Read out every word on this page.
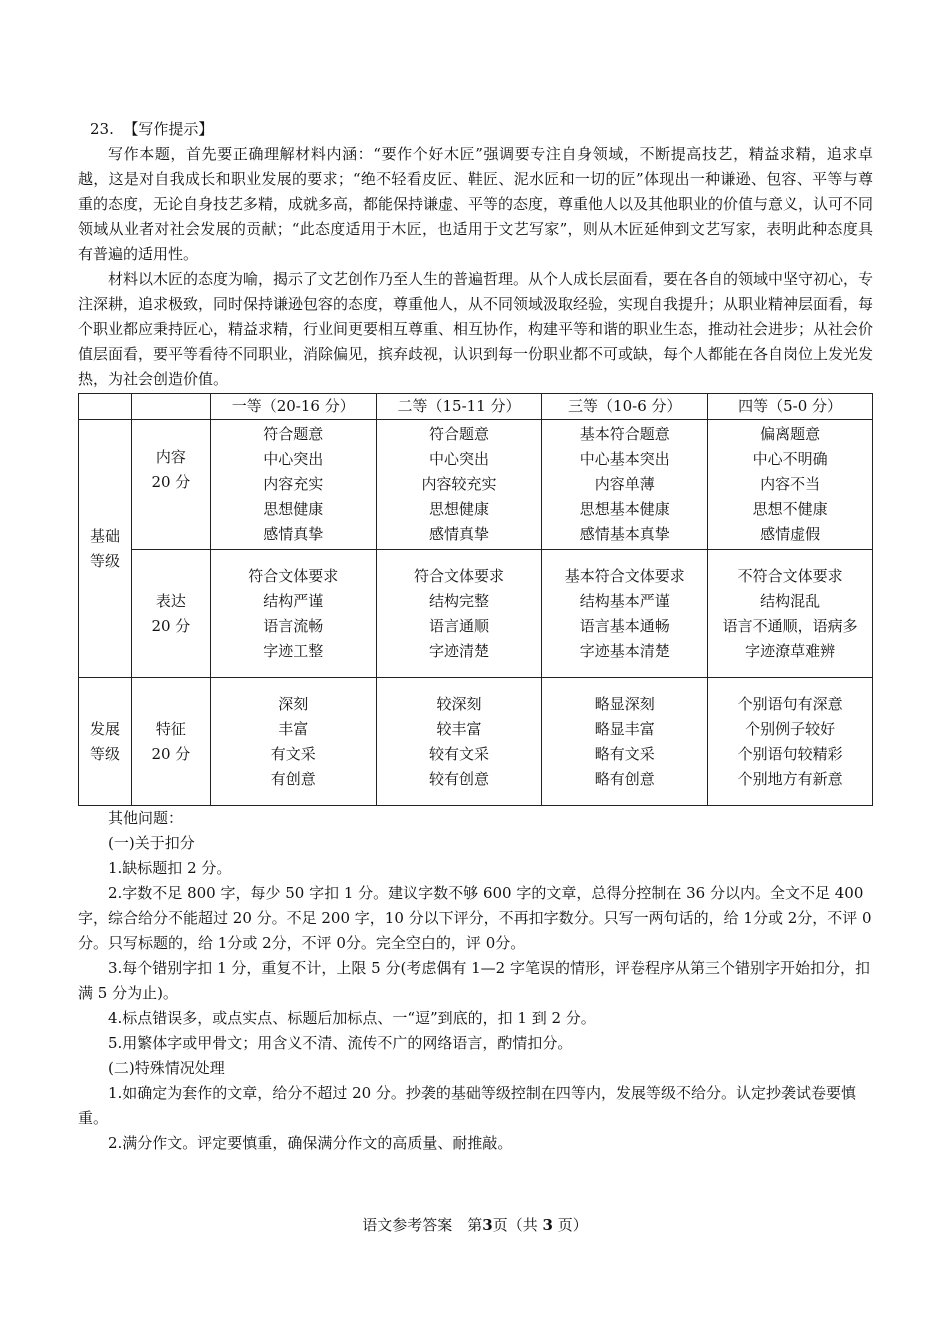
23. 【写作提示】

写作本题，首先要正确理解材料内涵：“要作个好木匠”强调要专注自身领域，不断提高技艺，精益求精，追求卓越，这是对自我成长和职业发展的要求；“绝不轻看皮匠、鞋匠、泥水匠和一切的匠”体现出一种谦逊、包容、平等与尊重的态度，无论自身技艺多精，成就多高，都能保持谦虚、平等的态度，尊重他人以及其他职业的价值与意义，认可不同领域从业者对社会发展的贡献；“此态度适用于木匠，也适用于文艺写家”，则从木匠延伸到文艺写家，表明此种态度具有普遍的适用性。

材料以木匠的态度为喻，揭示了文艺创作乃至人生的普遍哲理。从个人成长层面看，要在各自的领域中坚守初心，专注深耕，追求极致，同时保持谦逊包容的态度，尊重他人，从不同领域汲取经验，实现自我提升；从职业精神层面看，每个职业都应秉持匠心，精益求精，行业间更要相互尊重、相互协作，构建平等和谐的职业生态，推动社会进步；从社会价值层面看，要平等看待不同职业，消除偏见，摈弃歧视，认识到每一份职业都不可或缺，每个人都能在各自岗位上发光发热，为社会创造价值。

		一等（20-16 分）	二等（15-11 分）	三等（10-6 分）	四等（5-0 分）

基础
等级	内容
20 分	符合题意
中心突出
内容充实
思想健康
感情真挚	符合题意
中心突出
内容较充实
思想健康
感情真挚	基本符合题意
中心基本突出
内容单薄
思想基本健康
感情基本真挚	偏离题意
中心不明确
内容不当
思想不健康
感情虚假

	表达
20 分	符合文体要求
结构严谨
语言流畅
字迹工整	符合文体要求
结构完整
语言通顺
字迹清楚	基本符合文体要求
结构基本严谨
语言基本通畅
字迹基本清楚	不符合文体要求
结构混乱
语言不通顺，语病多
字迹潦草难辨

发展
等级	特征
20 分	深刻
丰富
有文采
有创意	较深刻
较丰富
较有文采
较有创意	略显深刻
略显丰富
略有文采
略有创意	个别语句有深意
个别例子较好
个别语句较精彩
个别地方有新意

其他问题：

(一)关于扣分

1.缺标题扣 2 分。

2.字数不足 800 字，每少 50 字扣 1 分。建议字数不够 600 字的文章，总得分控制在 36 分以内。全文不足 400 字，综合给分不能超过 20 分。不足 200 字，10 分以下评分，不再扣字数分。只写一两句话的，给 1分或 2分，不评 0分。只写标题的，给 1分或 2分，不评 0分。完全空白的，评 0分。

3.每个错别字扣 1 分，重复不计，上限 5 分(考虑偶有 1—2 字笔误的情形，评卷程序从第三个错别字开始扣分，扣满 5 分为止)。

4.标点错误多，或点实点、标题后加标点、一“逗”到底的，扣 1 到 2 分。

5.用繁体字或甲骨文；用含义不清、流传不广的网络语言，酌情扣分。

(二)特殊情况处理

1.如确定为套作的文章，给分不超过 20 分。抄袭的基础等级控制在四等内，发展等级不给分。认定抄袭试卷要慎重。

2.满分作文。评定要慎重，确保满分作文的高质量、耐推敲。

语文参考答案　第3页（共 3 页）
